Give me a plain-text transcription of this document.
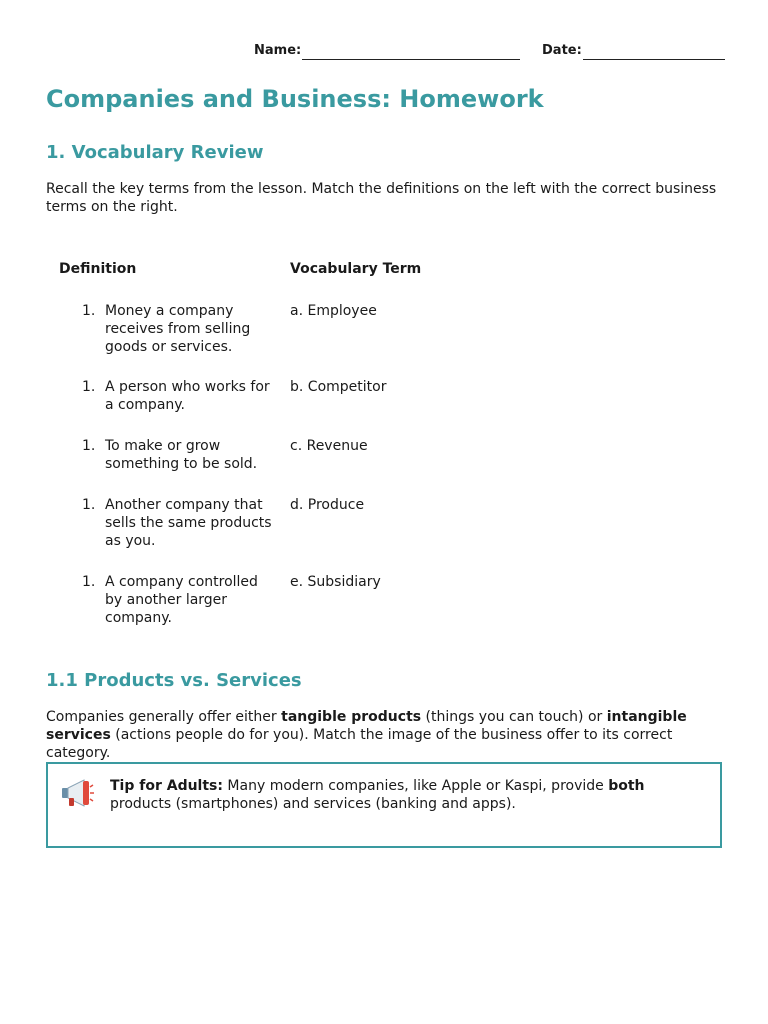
Name:	Date:
Companies and Business: Homework
1. Vocabulary Review

Recall the key terms from the lesson. Match the definitions on the left with the correct business terms on the right.

Definition	Vocabulary Term
1. Money a company receives from selling goods or services.
a. Employee
1. A person who works for a company.
b. Competitor
1. To make or grow something to be sold.
c. Revenue
1. Another company that sells the same products as you.
d. Produce
1. A company controlled by another larger company.
e. Subsidiary
1.1 Products vs. Services

Companies generally offer either tangible products (things you can touch) or intangible services (actions people do for you). Match the image of the business offer to its correct category.

Tip for Adults: Many modern companies, like Apple or Kaspi, provide both products (smartphones) and services (banking and apps).
